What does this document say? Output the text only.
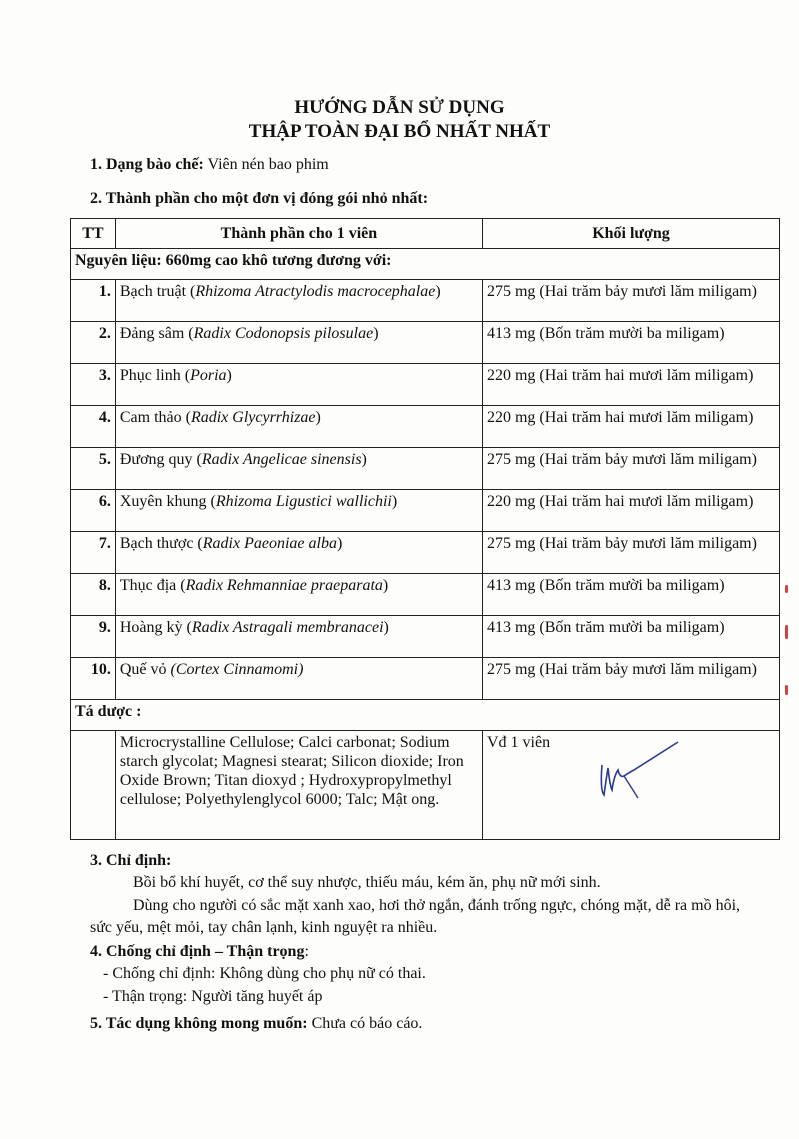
HƯỚNG DẪN SỬ DỤNG
THẬP TOÀN ĐẠI BỔ NHẤT NHẤT
1. Dạng bào chế: Viên nén bao phim
2. Thành phần cho một đơn vị đóng gói nhỏ nhất:
TT	Thành phần cho 1 viên	Khối lượng
Nguyên liệu: 660mg cao khô tương đương với:		
1.	Bạch truật (Rhizoma Atractylodis macrocephalae)	275 mg (Hai trăm bảy mươi lăm miligam)
2.	Đảng sâm (Radix Codonopsis pilosulae)	413 mg (Bốn trăm mười ba miligam)
3.	Phục linh (Poria)	220 mg (Hai trăm hai mươi lăm miligam)
4.	Cam thảo (Radix Glycyrrhizae)	220 mg (Hai trăm hai mươi lăm miligam)
5.	Đương quy (Radix Angelicae sinensis)	275 mg (Hai trăm bảy mươi lăm miligam)
6.	Xuyên khung (Rhizoma Ligustici wallichii)	220 mg (Hai trăm hai mươi lăm miligam)
7.	Bạch thược (Radix Paeoniae alba)	275 mg (Hai trăm bảy mươi lăm miligam)
8.	Thục địa (Radix Rehmanniae praeparata)	413 mg (Bốn trăm mười ba miligam)
9.	Hoàng kỳ (Radix Astragali membranacei)	413 mg (Bốn trăm mười ba miligam)
10.	Quế vỏ (Cortex Cinnamomi)	275 mg (Hai trăm bảy mươi lăm miligam)
Tá dược :		
	Microcrystalline Cellulose; Calci carbonat; Sodium starch glycolat; Magnesi stearat; Silicon dioxide; Iron Oxide Brown; Titan dioxyd ; Hydroxypropylmethyl cellulose; Polyethylenglycol 6000; Talc; Mật ong.	Vđ 1 viên
3. Chỉ định:
Bồi bổ khí huyết, cơ thể suy nhược, thiếu máu, kém ăn, phụ nữ mới sinh.
Dùng cho người có sắc mặt xanh xao, hơi thở ngắn, đánh trống ngực, chóng mặt, dễ ra mồ hôi, sức yếu, mệt mỏi, tay chân lạnh, kinh nguyệt ra nhiều.
4. Chống chỉ định – Thận trọng:
- Chống chỉ định: Không dùng cho phụ nữ có thai.
- Thận trọng: Người tăng huyết áp
5. Tác dụng không mong muốn: Chưa có báo cáo.
